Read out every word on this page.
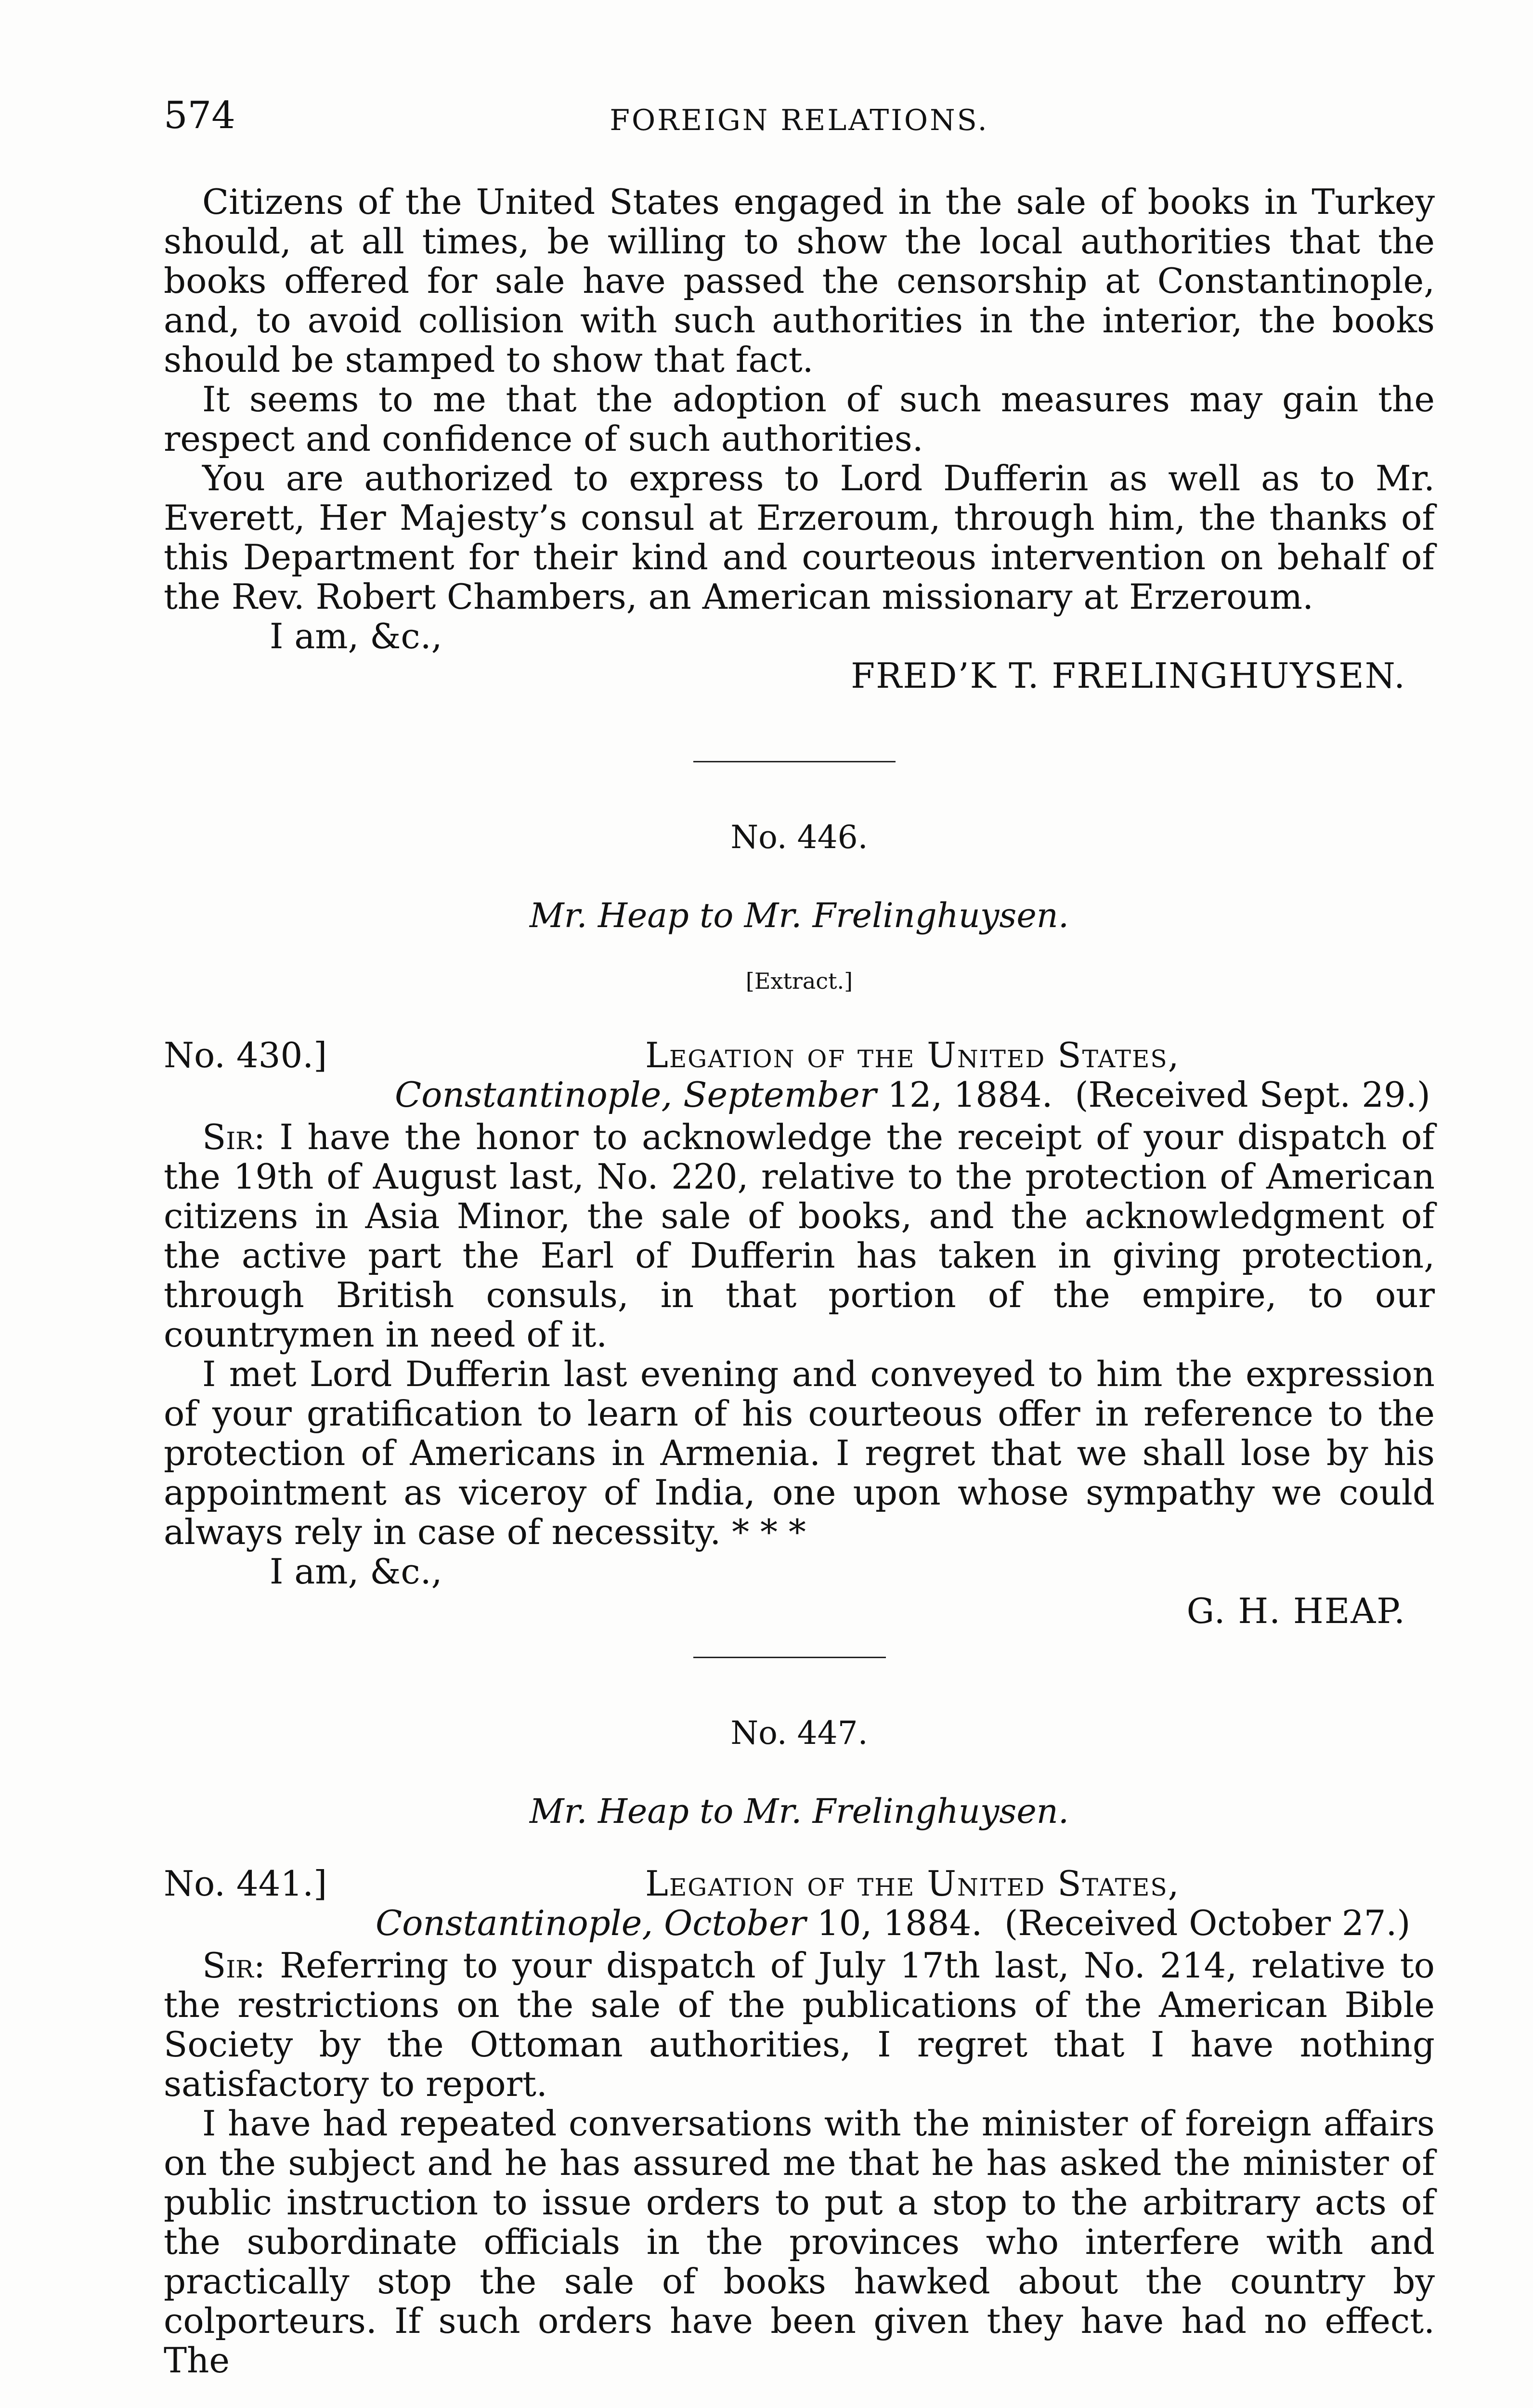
574	FOREIGN RELATIONS.

Citizens of the United States engaged in the sale of books in Turkey should, at all times, be willing to show the local authorities that the books offered for sale have passed the censorship at Constantinople, and, to avoid collision with such authorities in the interior, the books should be stamped to show that fact.

It seems to me that the adoption of such measures may gain the respect and confidence of such authorities.

You are authorized to express to Lord Dufferin as well as to Mr. Everett, Her Majesty’s consul at Erzeroum, through him, the thanks of this Department for their kind and courteous intervention on behalf of the Rev. Robert Chambers, an American missionary at Erzeroum.

I am, &c.,

FRED’K T. FRELINGHUYSEN.

No. 446.
Mr. Heap to Mr. Frelinghuysen.
[Extract.]
No. 430.]	Legation of the United States,
Constantinople, September 12, 1884. (Received Sept. 29.)

Sir: I have the honor to acknowledge the receipt of your dispatch of the 19th of August last, No. 220, relative to the protection of American citizens in Asia Minor, the sale of books, and the acknowledgment of the active part the Earl of Dufferin has taken in giving protection, through British consuls, in that portion of the empire, to our countrymen in need of it.

I met Lord Dufferin last evening and conveyed to him the expression of your gratification to learn of his courteous offer in reference to the protection of Americans in Armenia. I regret that we shall lose by his appointment as viceroy of India, one upon whose sympathy we could always rely in case of necessity. * * *

I am, &c.,

G. H. HEAP.

No. 447.
Mr. Heap to Mr. Frelinghuysen.
No. 441.]	Legation of the United States,
Constantinople, October 10, 1884. (Received October 27.)

Sir: Referring to your dispatch of July 17th last, No. 214, relative to the restrictions on the sale of the publications of the American Bible Society by the Ottoman authorities, I regret that I have nothing satisfactory to report.

I have had repeated conversations with the minister of foreign affairs on the subject and he has assured me that he has asked the minister of public instruction to issue orders to put a stop to the arbitrary acts of the subordinate officials in the provinces who interfere with and practically stop the sale of books hawked about the country by colporteurs. If such orders have been given they have had no effect. The
